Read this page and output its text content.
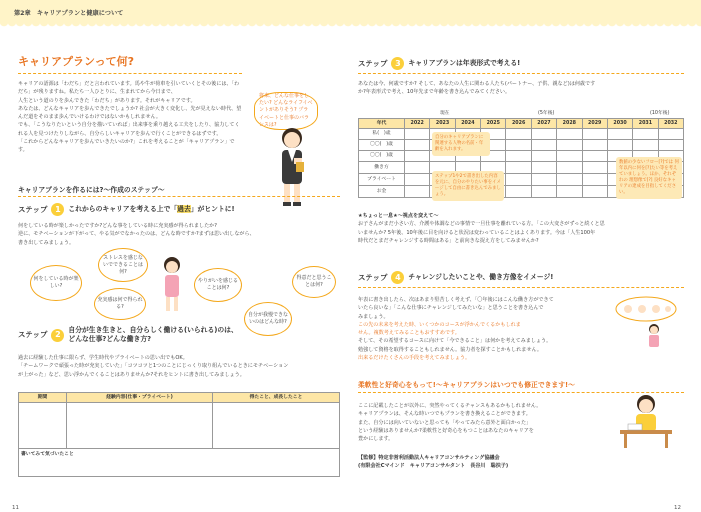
第2章　キャリアプランと健康について
キャリアプランって何?
キャリアの語源は「わだち」だと言われています。馬や牛が荷車を引いていくとその後には、「わだち」が残りますね。私たち一人ひとりに、生まれてから今日まで、
人生という道のりを歩んできた「わだち」があります。それがキャリアです。
あなたは、どんなキャリアを歩んできたでしょうか? 社会が大きく変化し、先が見えない時代、望んだ道をそのまま歩んでいけるわけではないかもしれません。
でも、「こうなりたいという自分を描いていれば」出来事を乗り越える工夫をしたり、協力してくれる人を見つけたりしながら、自分らしいキャリアを歩んで行くことができるはずです。
「これからどんなキャリアを歩んでいきたいのか?」これを考えることが「キャリアプラン」です。
将来、どんな仕事をしたい? どんなライフイベントがありそう? プライベートと仕事のバランスは?
キャリアプランを作るには?〜作成のステップ〜
ステップ 1	これからのキャリアを考える上で「過去」がヒントに!
何をしている時が楽しかったですか?どんな事をしている時に充実感が得られましたか?
逆に、モチベーションが下がって、やる気がでなかったのは、どんな時ですか?まずは思い出しながら、
書き出してみましょう。
何をしている時が楽しい?
ストレスを感じないでできることは何?
充実感は何で得られる?
やりがいを感じることは何?
自分が我慢できないのはどんな時?
得意だと思うことは何?
ステップ 2	自分が生き生きと、自分らしく働ける(いられる)のは、
どんな仕事?どんな働き方?
過去に経験した仕事に限らず、学生時代やプライベートの思い出でもOK。
「チームワークで頑張った時が充実していた」「コツコツと1つのことにじっくり取り組んでいるときにモチベーション
が上がった」など、思い浮かんでくることはありませんか?それをヒントに書き出してみましょう。
期間	経験内容(仕事・プライベート)	得たこと、成長したこと

書いてみて気づいたこと		
11
ステップ 3	キャリアプランは年表形式で考える!
あなたは今、何歳ですか? そして、あなたの人生に関わる人たち(パートナー、子供、親など)は何歳です
か?年表形式で考え、10年先まで年齢を書き込んでみてください。
現在	(5年後)	(10年後)
年代	2022	2023	2024	2025	2026	2027	2028	2029	2030	2031	2032
私(　)歳											
〇〇(　)歳											
〇〇(　)歳											
働き方											
プライベート											
お金											
自分のキャリアプランに関連する人物の名前・年齢を入れます。
ステップ1や2で書き出した内容を元に、自分のやりたい事をイメージして自由に書き込んでみましょう。
数値の少ないフロー[?]では 何年以内に何を[?]たい等を考えていましょう。ほか、それぞれの 理想像で[?] 良好なキャリアの達成を目指してください。
★ちょっと一息★〜視点を変えて〜
お子さんがまだ小さい方、介護や体調などの事情で一旦仕事を離れている方。「この大変さがずっと続くと思
いませんか? 5年後、10年後に目を向けると状況は変わっていることはよくあります。今は「人生100年
時代だとまだチャレンジする時間はある」と前向きな捉え方をしてみませんか?
ステップ 4	チャレンジしたいことや、働き方像をイメージ!
年表に書き出したら、次はあまり堅苦しく考えず、「〇年後にはこんな働き方ができて
いたら良いな」「こんな仕事にチャレンジしてみたいな」と思うことを書き込んで
みましょう。
この先の未来を考えた時、いくつかのコースが浮かんでくるかもしれま
せん。複数考えてみることもおすすめです。
そして、その希望するコースに向けて「今できること」は何かを考えてみましょう。
勉強して資格を取得することもしれません。協力者を探すことかもしれません。
出来るだけたくさんの手段を考えてみましょう。
柔軟性と好奇心をもって!〜キャリアプランはいつでも修正できます!〜
ここに記載したことが以外に、突然やってくるチャンスもあるかもしれません。
キャリアプランは、そんな時いつでもプランを書き換えることができます。
また、自分には向いていないと思っても「やってみたら意外と面白かった」
という経験はありませんか?柔軟性と好奇心をもつことはあなたのキャリアを
豊かにします。
【監修】特定非営利活動法人キャリアコンサルティング協議会
(有限会社Cマインド　キャリアコンサルタント　長谷川　聡扶子)
12
